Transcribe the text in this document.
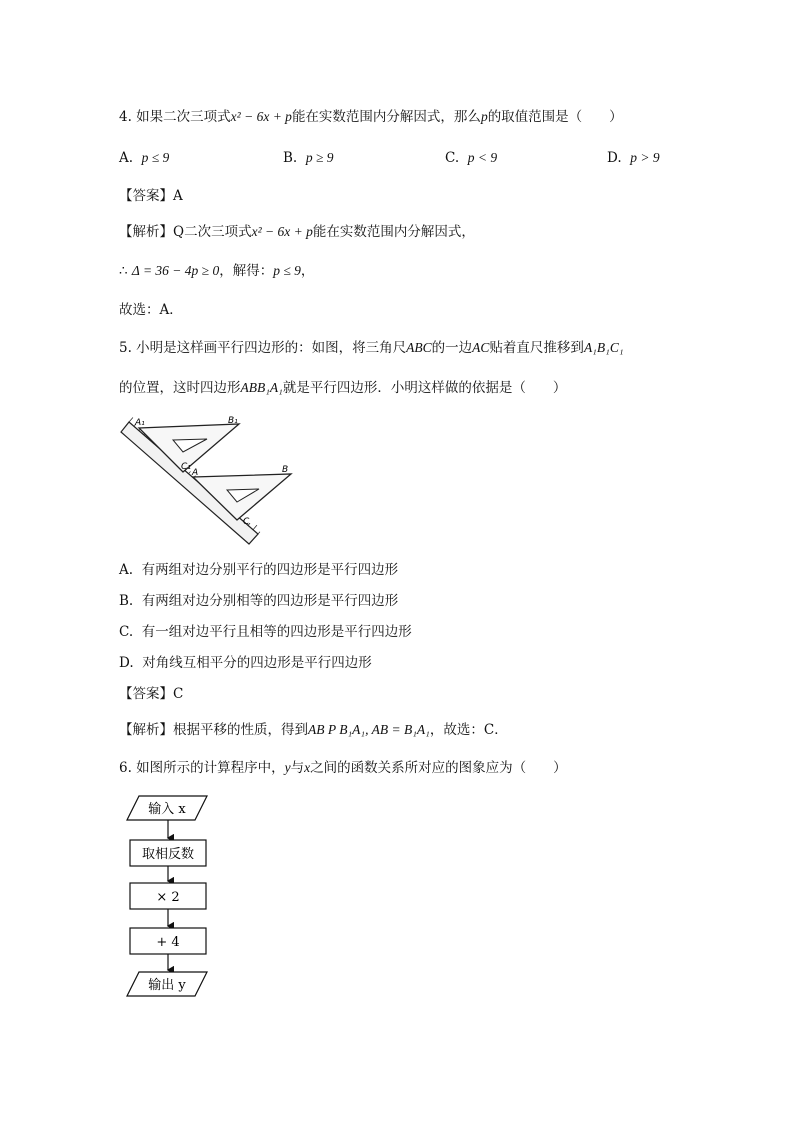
4. 如果二次三项式x² − 6x + p能在实数范围内分解因式，那么p的取值范围是（　　）
A. p ≤ 9	B. p ≥ 9	C. p < 9	D. p > 9
【答案】A
【解析】Q二次三项式x² − 6x + p能在实数范围内分解因式，
∴ Δ = 36 − 4p ≥ 0，解得：p ≤ 9，
故选：A．
5. 小明是这样画平行四边形的：如图，将三角尺ABC的一边AC贴着直尺推移到A₁B₁C₁
的位置，这时四边形ABB₁A₁就是平行四边形．小明这样做的依据是（　　）
A₁	B₁
C₁
A	B
C
A. 有两组对边分别平行的四边形是平行四边形
B. 有两组对边分别相等的四边形是平行四边形
C. 有一组对边平行且相等的四边形是平行四边形
D. 对角线互相平分的四边形是平行四边形
【答案】C
【解析】根据平移的性质，得到AB P B₁A₁, AB = B₁A₁，故选：C．
6. 如图所示的计算程序中，y与x之间的函数关系所对应的图象应为（　　）
输入 x
取相反数
× 2
+ 4
输出 y
